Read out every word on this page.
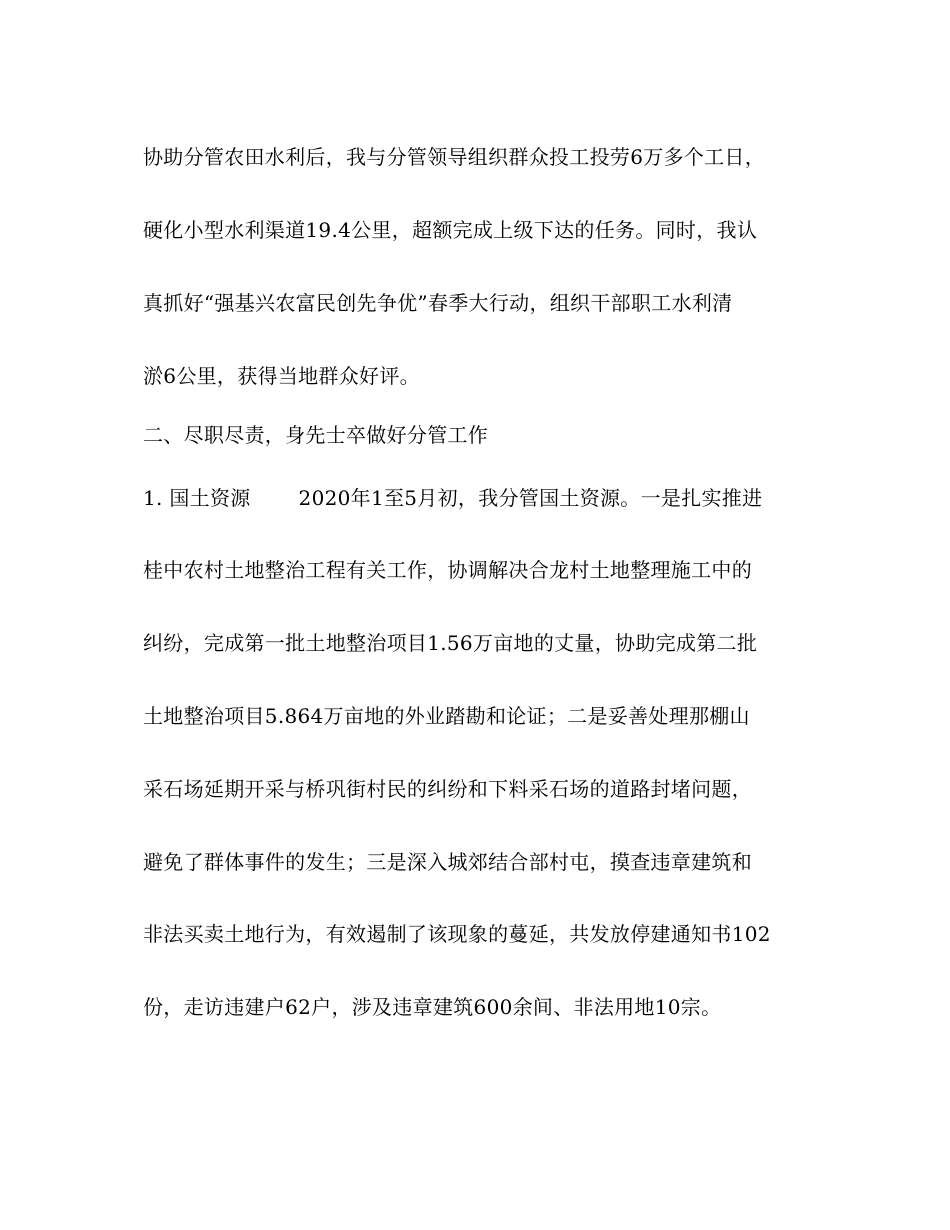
协助分管农田水利后，我与分管领导组织群众投工投劳6万多个工日，

硬化小型水利渠道19.4公里，超额完成上级下达的任务。同时，我认

真抓好“强基兴农富民创先争优”春季大行动，组织干部职工水利清

淤6公里，获得当地群众好评。

二、尽职尽责，身先士卒做好分管工作

1. 国土资源 2020年1至5月初，我分管国土资源。一是扎实推进

桂中农村土地整治工程有关工作，协调解决合龙村土地整理施工中的

纠纷，完成第一批土地整治项目1.56万亩地的丈量，协助完成第二批

土地整治项目5.864万亩地的外业踏勘和论证；二是妥善处理那棚山

采石场延期开采与桥巩街村民的纠纷和下料采石场的道路封堵问题，

避免了群体事件的发生；三是深入城郊结合部村屯，摸查违章建筑和

非法买卖土地行为，有效遏制了该现象的蔓延，共发放停建通知书102

份，走访违建户62户，涉及违章建筑600余间、非法用地10宗。
